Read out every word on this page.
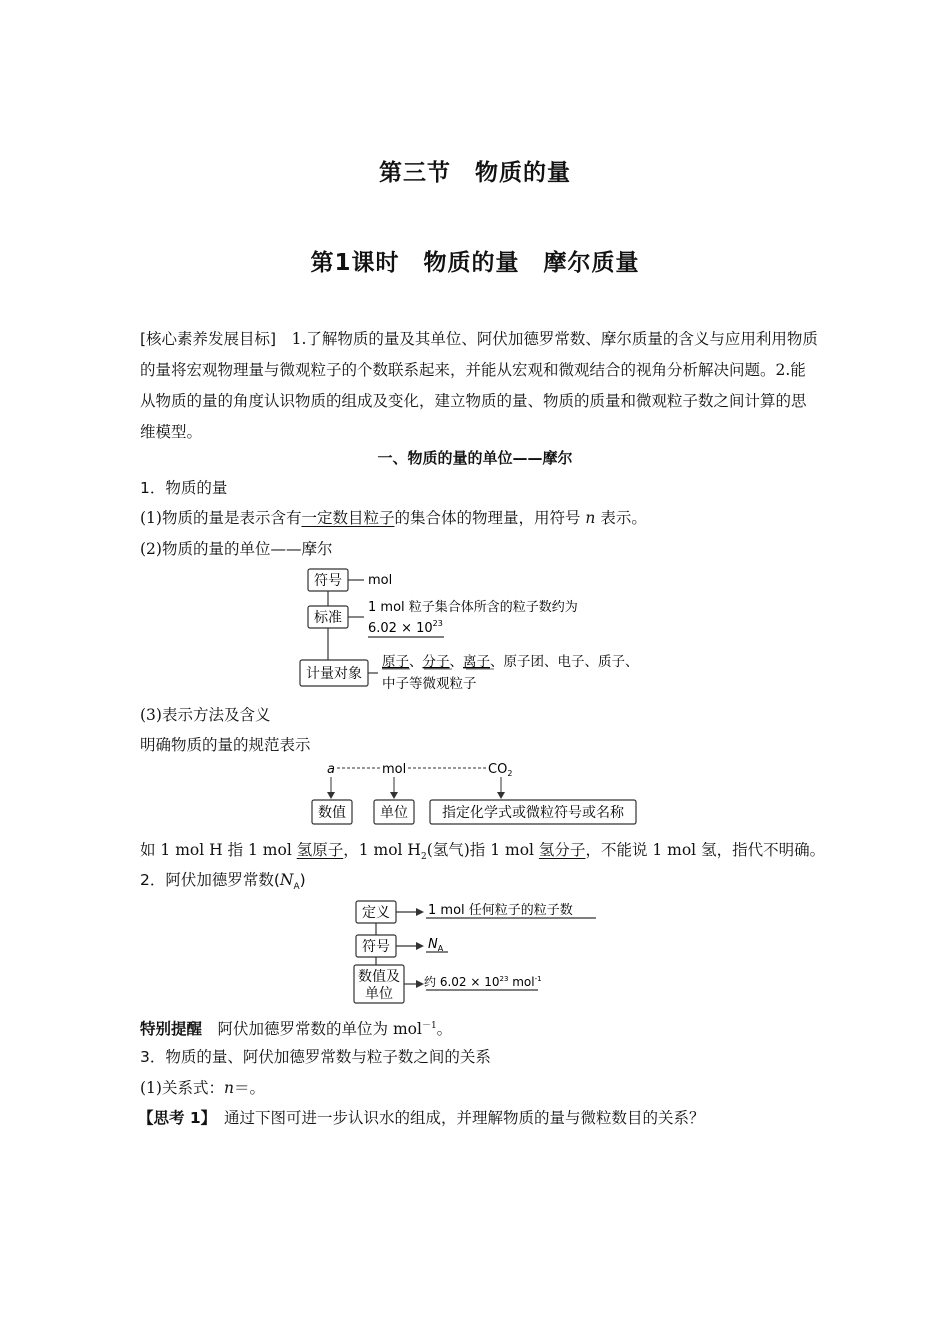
第三节　物质的量
第1课时　物质的量　摩尔质量
[核心素养发展目标]　1.了解物质的量及其单位、阿伏加德罗常数、摩尔质量的含义与应用利用物质的量将宏观物理量与微观粒子的个数联系起来，并能从宏观和微观结合的视角分析解决问题。2.能从物质的量的角度认识物质的组成及变化，建立物质的量、物质的质量和微观粒子数之间计算的思维模型。
一、物质的量的单位——摩尔
1．物质的量
(1)物质的量是表示含有一定数目粒子的集合体的物理量，用符号 n 表示。
(2)物质的量的单位——摩尔
符号
标准
计量对象
mol
1 mol 粒子集合体所含的粒子数约为
$6.02 \times 10^{23}$
原子、分子、离子、原子团、电子、质子、
中子等微观粒子
(3)表示方法及含义
明确物质的量的规范表示
a	mol	$CO_2$
数值 单位 指定化学式或微粒符号或名称
如 1 mol H 指 1 mol 氢原子，1 mol $H_2$(氢气)指 1 mol 氢分子，不能说 1 mol 氢，指代不明确。
2．阿伏加德罗常数$(N_A)$
定义
符号
数值及
单位
1 mol 任何粒子的粒子数
$N_A$
约 $6.02 \times 10^{23}$ mol$^{-1}$
特别提醒　阿伏加德罗常数的单位为 mol$^{-1}$。
3．物质的量、阿伏加德罗常数与粒子数之间的关系
(1)关系式：n＝。
【思考 1】　通过下图可进一步认识水的组成，并理解物质的量与微粒数目的关系？
